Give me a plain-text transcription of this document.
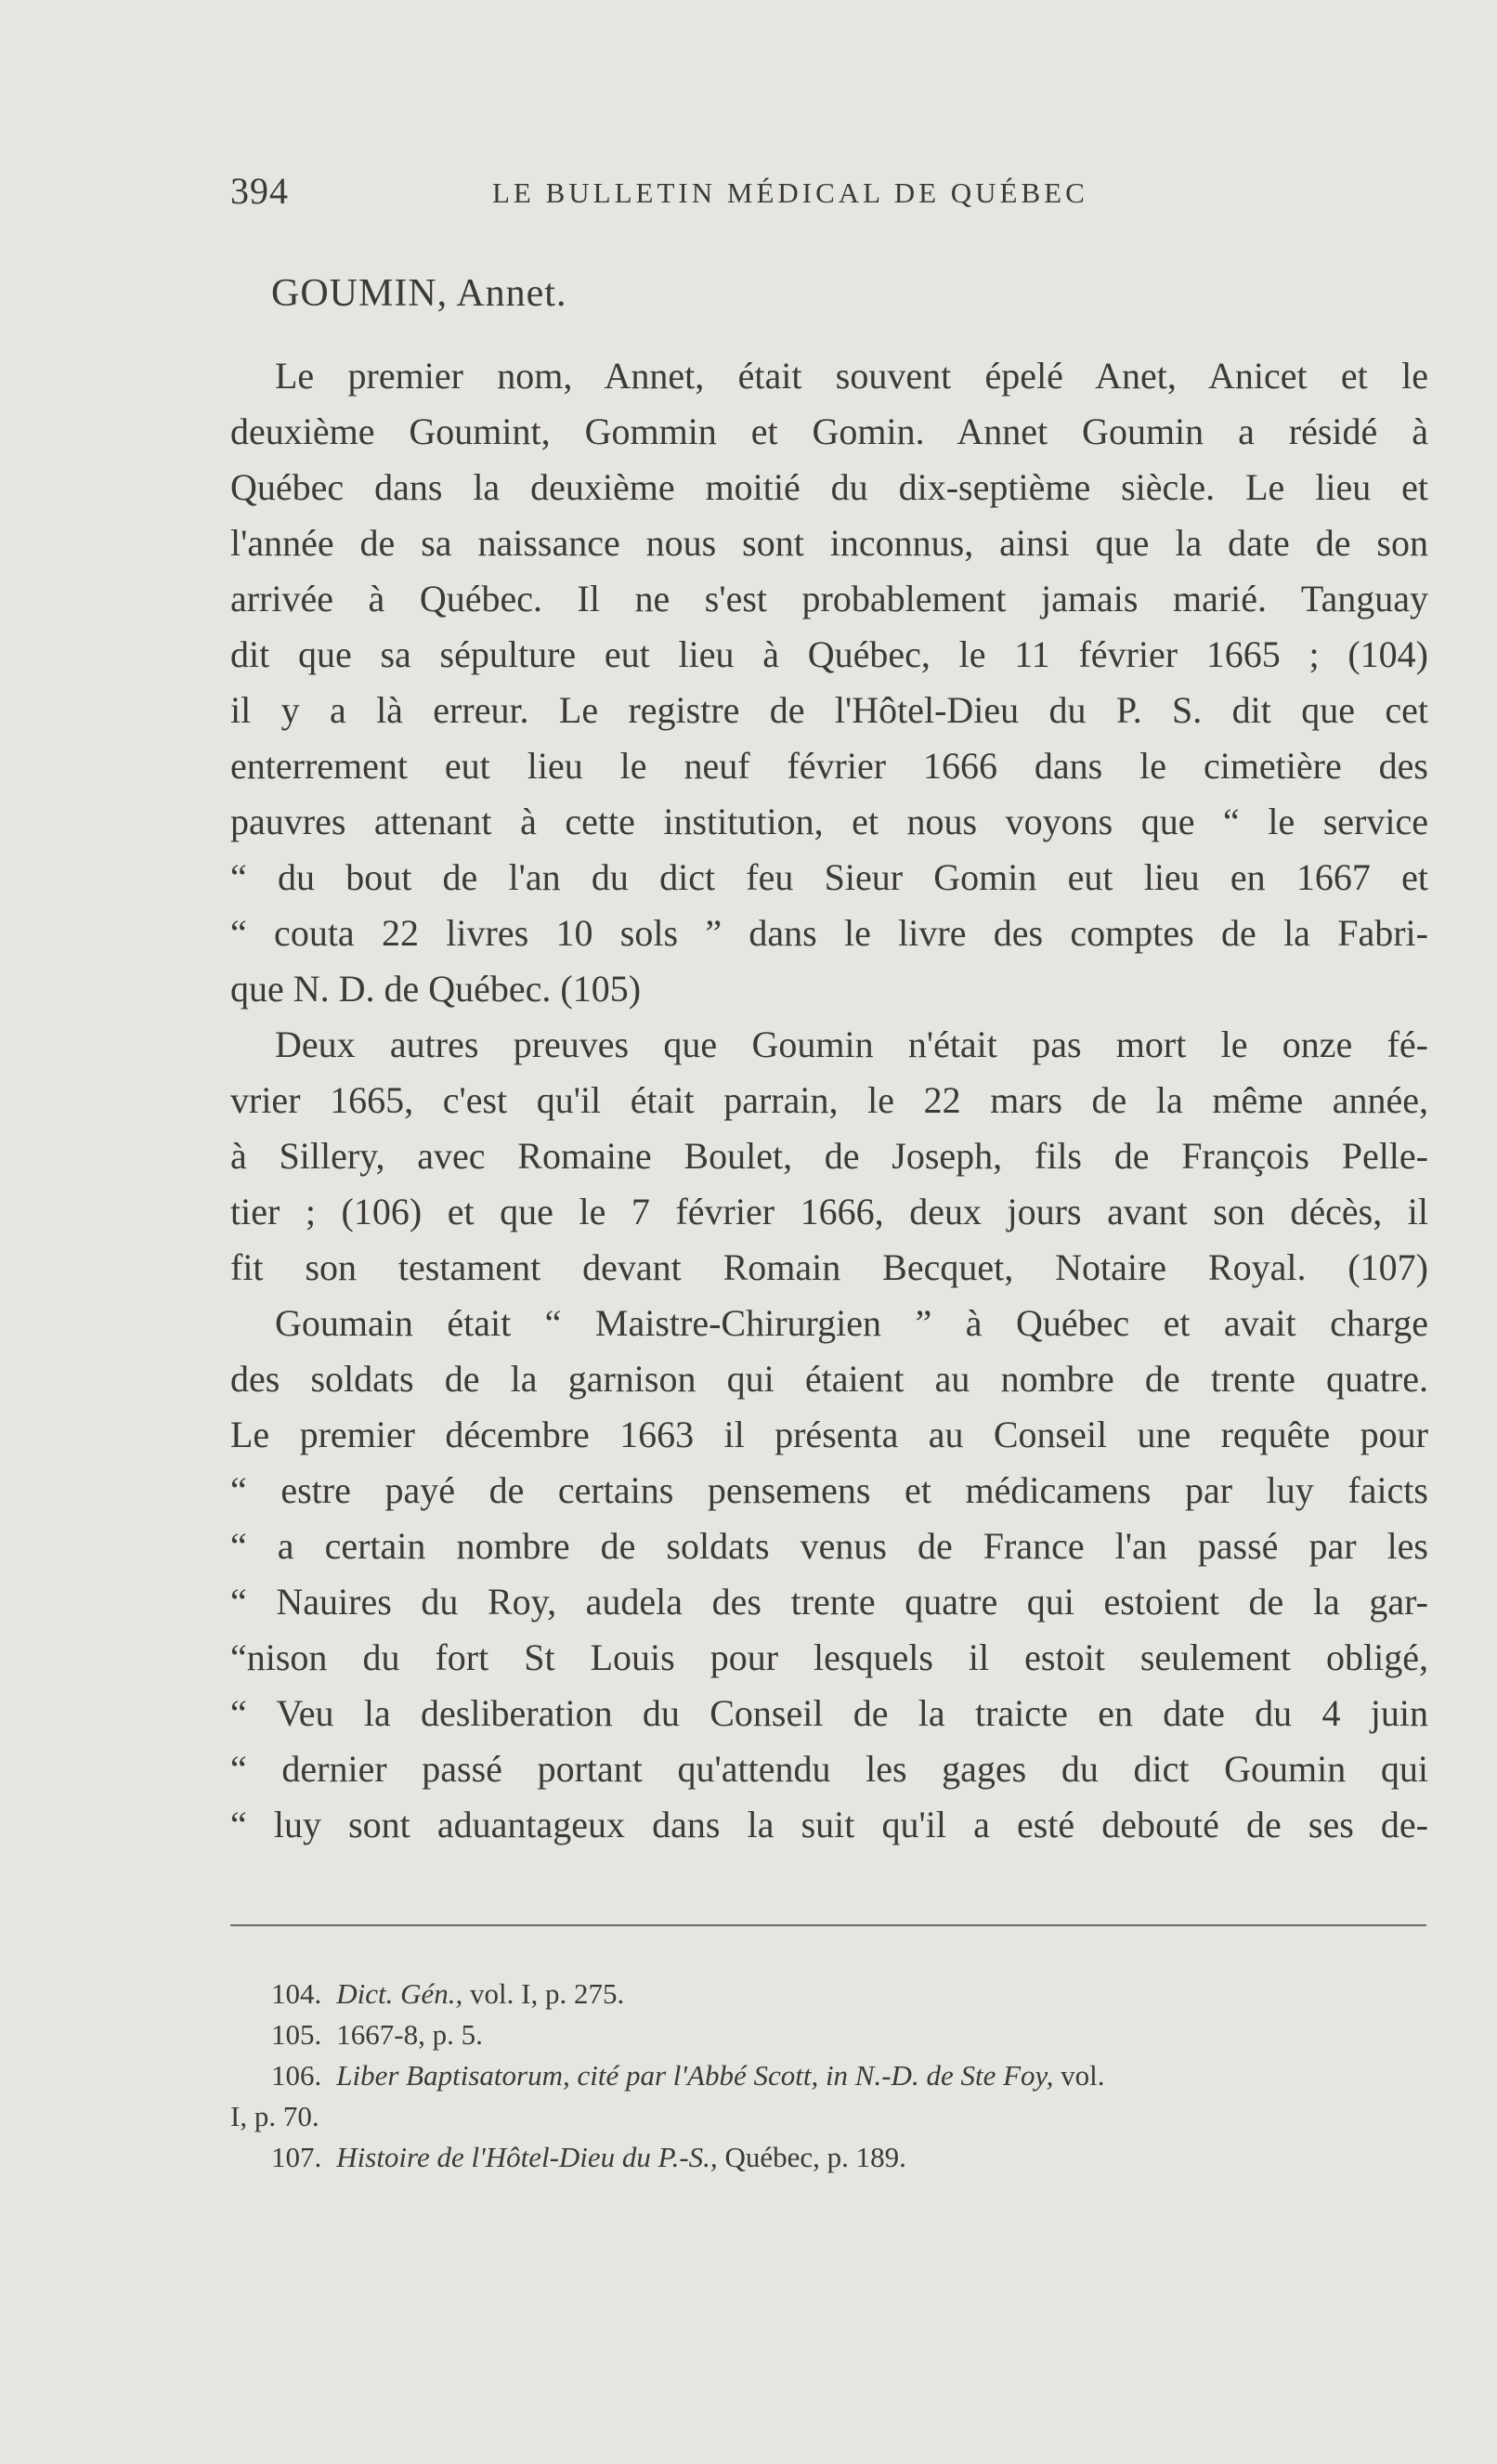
394	LE BULLETIN MÉDICAL DE QUÉBEC
GOUMIN, Annet.
Le premier nom, Annet, était souvent épelé Anet, Anicet et le
deuxième Goumint, Gommin et Gomin. Annet Goumin a résidé à
Québec dans la deuxième moitié du dix-septième siècle. Le lieu et
l'année de sa naissance nous sont inconnus, ainsi que la date de son
arrivée à Québec. Il ne s'est probablement jamais marié. Tanguay
dit que sa sépulture eut lieu à Québec, le 11 février 1665 ; (104)
il y a là erreur. Le registre de l'Hôtel-Dieu du P. S. dit que cet
enterrement eut lieu le neuf février 1666 dans le cimetière des
pauvres attenant à cette institution, et nous voyons que “ le service
“ du bout de l'an du dict feu Sieur Gomin eut lieu en 1667 et
“ couta 22 livres 10 sols ” dans le livre des comptes de la Fabri-
que N. D. de Québec. (105)
Deux autres preuves que Goumin n'était pas mort le onze fé-
vrier 1665, c'est qu'il était parrain, le 22 mars de la même année,
à Sillery, avec Romaine Boulet, de Joseph, fils de François Pelle-
tier ; (106) et que le 7 février 1666, deux jours avant son décès, il
fit son testament devant Romain Becquet, Notaire Royal. (107)
Goumain était “ Maistre-Chirurgien ” à Québec et avait charge
des soldats de la garnison qui étaient au nombre de trente quatre.
Le premier décembre 1663 il présenta au Conseil une requête pour
“ estre payé de certains pensemens et médicamens par luy faicts
“ a certain nombre de soldats venus de France l'an passé par les
“ Nauires du Roy, audela des trente quatre qui estoient de la gar-
“nison du fort St Louis pour lesquels il estoit seulement obligé,
“ Veu la desliberation du Conseil de la traicte en date du 4 juin
“ dernier passé portant qu'attendu les gages du dict Goumin qui
“ luy sont aduantageux dans la suit qu'il a esté debouté de ses de-
104. Dict. Gén., vol. I, p. 275.
105. 1667-8, p. 5.
106. Liber Baptisatorum, cité par l'Abbé Scott, in N.-D. de Ste Foy, vol.
I, p. 70.
107. Histoire de l'Hôtel-Dieu du P.-S., Québec, p. 189.
